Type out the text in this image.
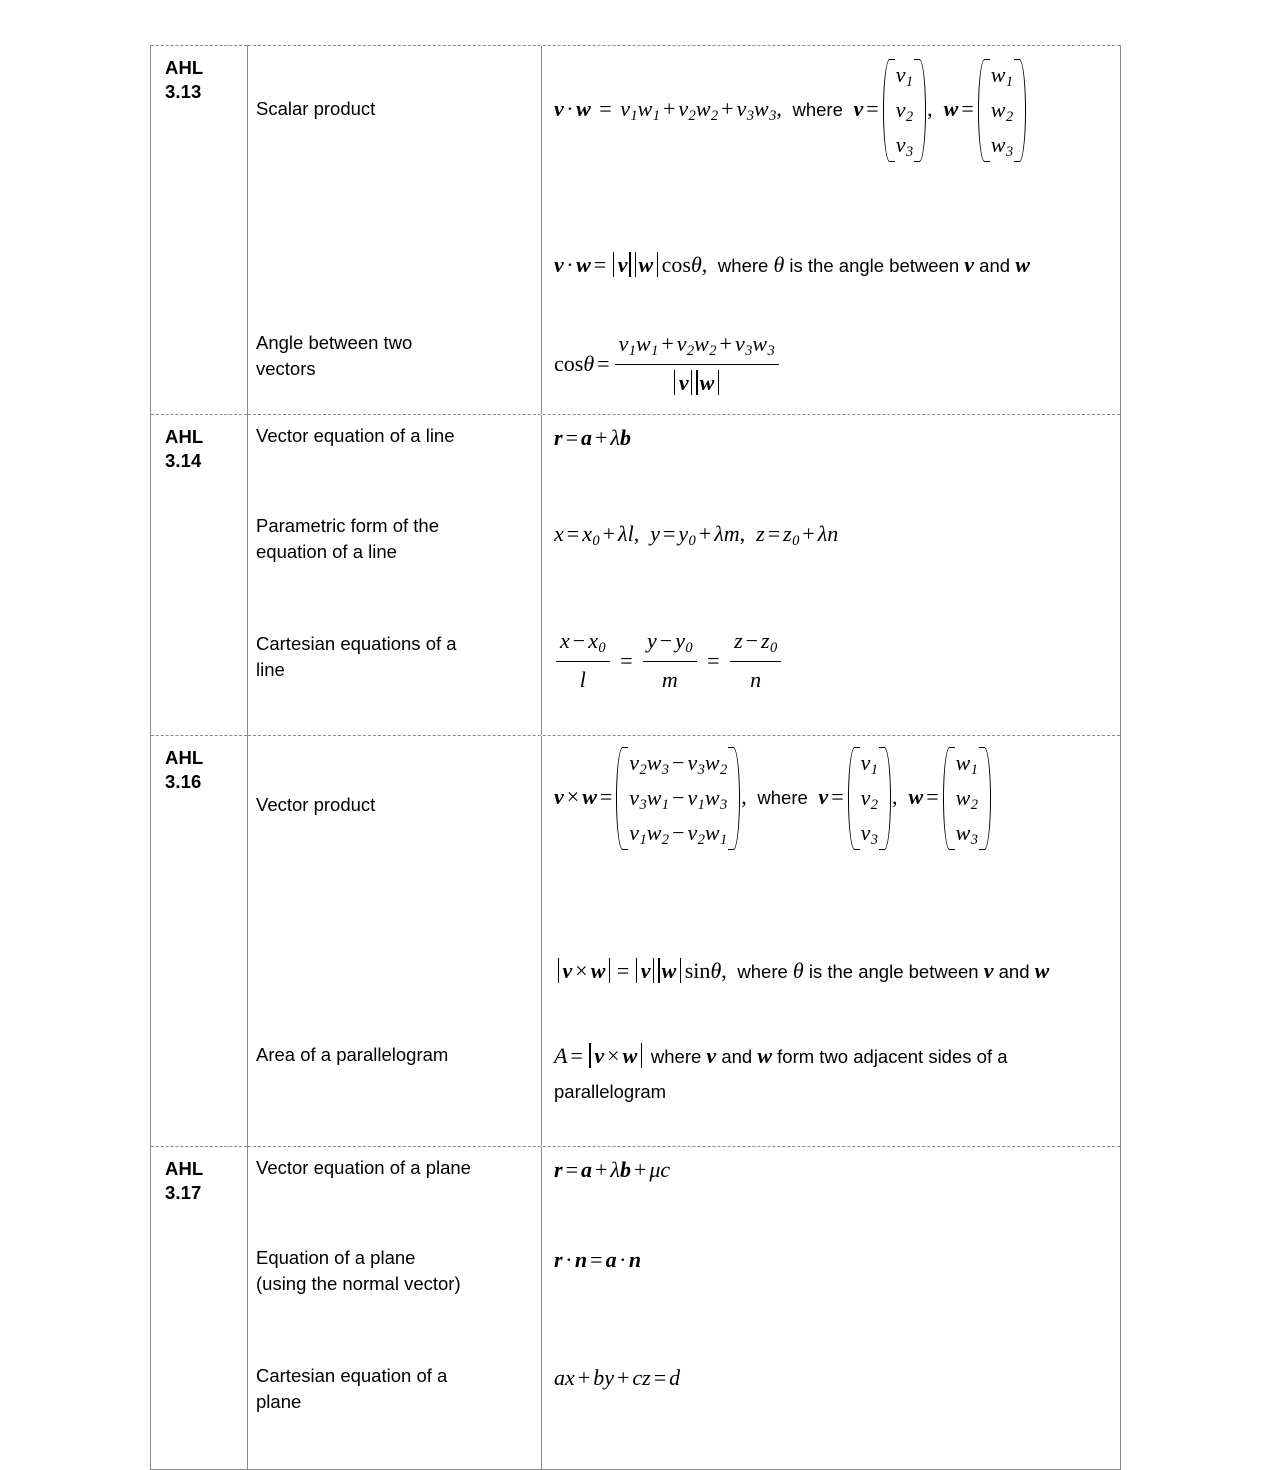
AHL
3.13

Scalar product	$v \cdot w = v_1w_1 + v_2w_2 + v_3w_3$,  where  v =
$v_1$
$v_2$
$v_3$
, w =
$w_1$
$w_2$
$w_3$

	v · w = v w cosθ,  where θ is the angle between v and w
Angle between two
vectors	$\cos\theta = \frac{v_1w_1 + v_2w_2 + v_3w_3}{\text{v w}}$

AHL
3.14

Vector equation of a line	r = a + λb
Parametric form of the
equation of a line	$x = x_0 + \lambda l$,  $y = y_0 + \lambda m$,  $z = z_0 + \lambda n$
Cartesian equations of a
line	$\frac{x - x_0}{l} = \frac{y - y_0}{m} = \frac{z - z_0}{n}$

AHL
3.16

Vector product	v × w =
$v_2w_3 - v_3w_2$
$v_3w_1 - v_1w_3$
$v_1w_2 - v_2w_1$
,  where  v =
$v_1$
$v_2$
$v_3$
, w =
$w_1$
$w_2$
$w_3$

	v × w = v w sinθ,  where θ is the angle between v and w
Area of a parallelogram	A = v × w where v and w form two adjacent sides of a
parallelogram

AHL
3.17

Vector equation of a plane	r = a + λb + μc
Equation of a plane
(using the normal vector)	r · n = a · n
Cartesian equation of a
plane	ax + by + cz = d
